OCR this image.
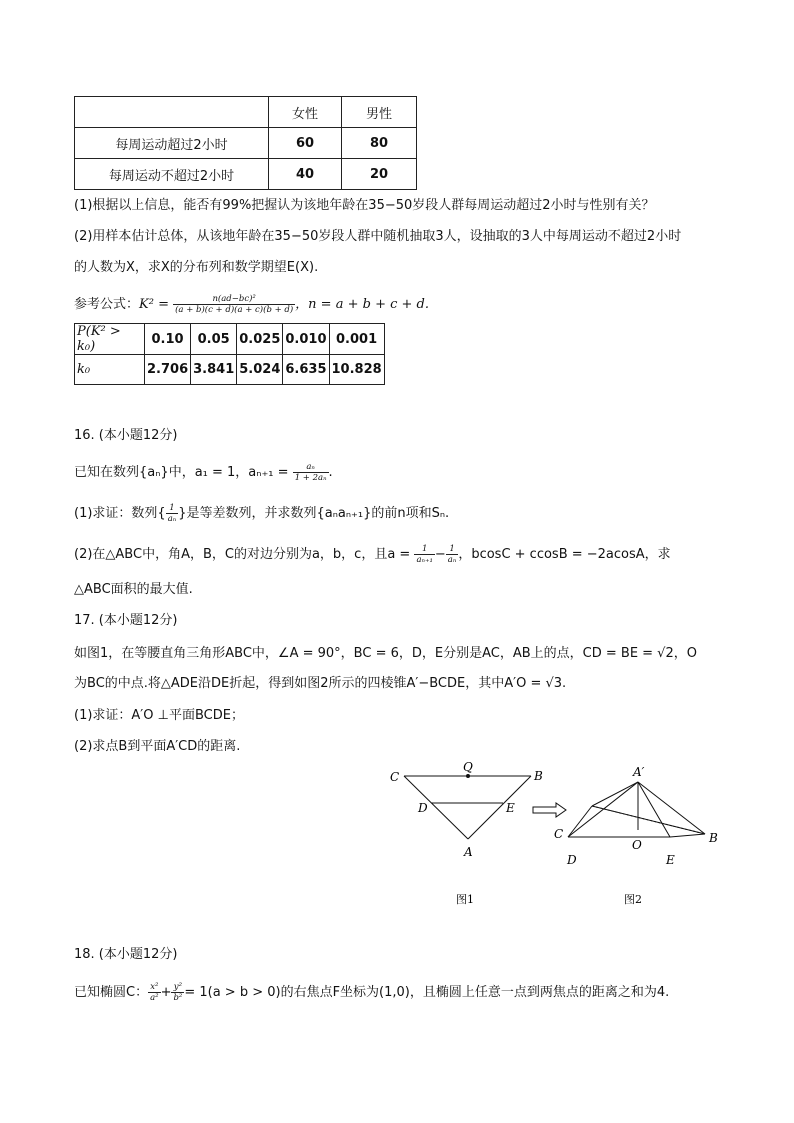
	女性	男性
每周运动超过2小时	60	80
每周运动不超过2小时	40	20
(1)根据以上信息，能否有99%把握认为该地年龄在35−50岁段人群每周运动超过2小时与性别有关？
(2)用样本估计总体，从该地年龄在35−50岁段人群中随机抽取3人，设抽取的3人中每周运动不超过2小时
的人数为X，求X的分布列和数学期望E(X).
参考公式：$K^2 = \frac{\text{n(ad−bc)²}}{(a + b)(c + d)(a + c)(b + d)}$ ，n = a + b + c + d.
P(K² > k₀)	0.10	0.05	0.025	0.010	0.001
k₀	2.706	3.841	5.024	6.635	10.828
16. (本小题12分)
已知在数列{aₙ}中，a₁ = 1，$a_{n+1} = \frac{\text{aₙ}}{\text{1 + 2aₙ}}$ .
(1)求证：数列{ $\frac{1}{\text{aₙ}}$ }是等差数列，并求数列{aₙaₙ₊₁}的前n项和Sₙ.
(2)在△ABC中，角A，B，C的对边分别为a，b，c，且$a = \frac{1}{\text{aₙ₊₁}} - \frac{1}{\text{aₙ}}$ ，bcosC + ccosB = −2acosA，求
△ABC面积的最大值.
17. (本小题12分)
如图1，在等腰直角三角形ABC中，∠A = 90°，BC = 6，D，E分别是AC，AB上的点，CD = BE = √2，O
为BC的中点.将△ADE沿DE折起，得到如图2所示的四棱锥A′−BCDE，其中A′O = √3.
(1)求证：A′O ⊥平面BCDE；
(2)求点B到平面A′CD的距离.
C
Q
B
D	E
A
图1
A′
C	B
O
D	E
图2
18. (本小题12分)
已知椭圆C： $\frac{\text{x²}}{\text{a²}} + \frac{\text{y²}}{\text{b²}} = 1(a > b > 0)$的右焦点F坐标为(1,0)，且椭圆上任意一点到两焦点的距离之和为4.
